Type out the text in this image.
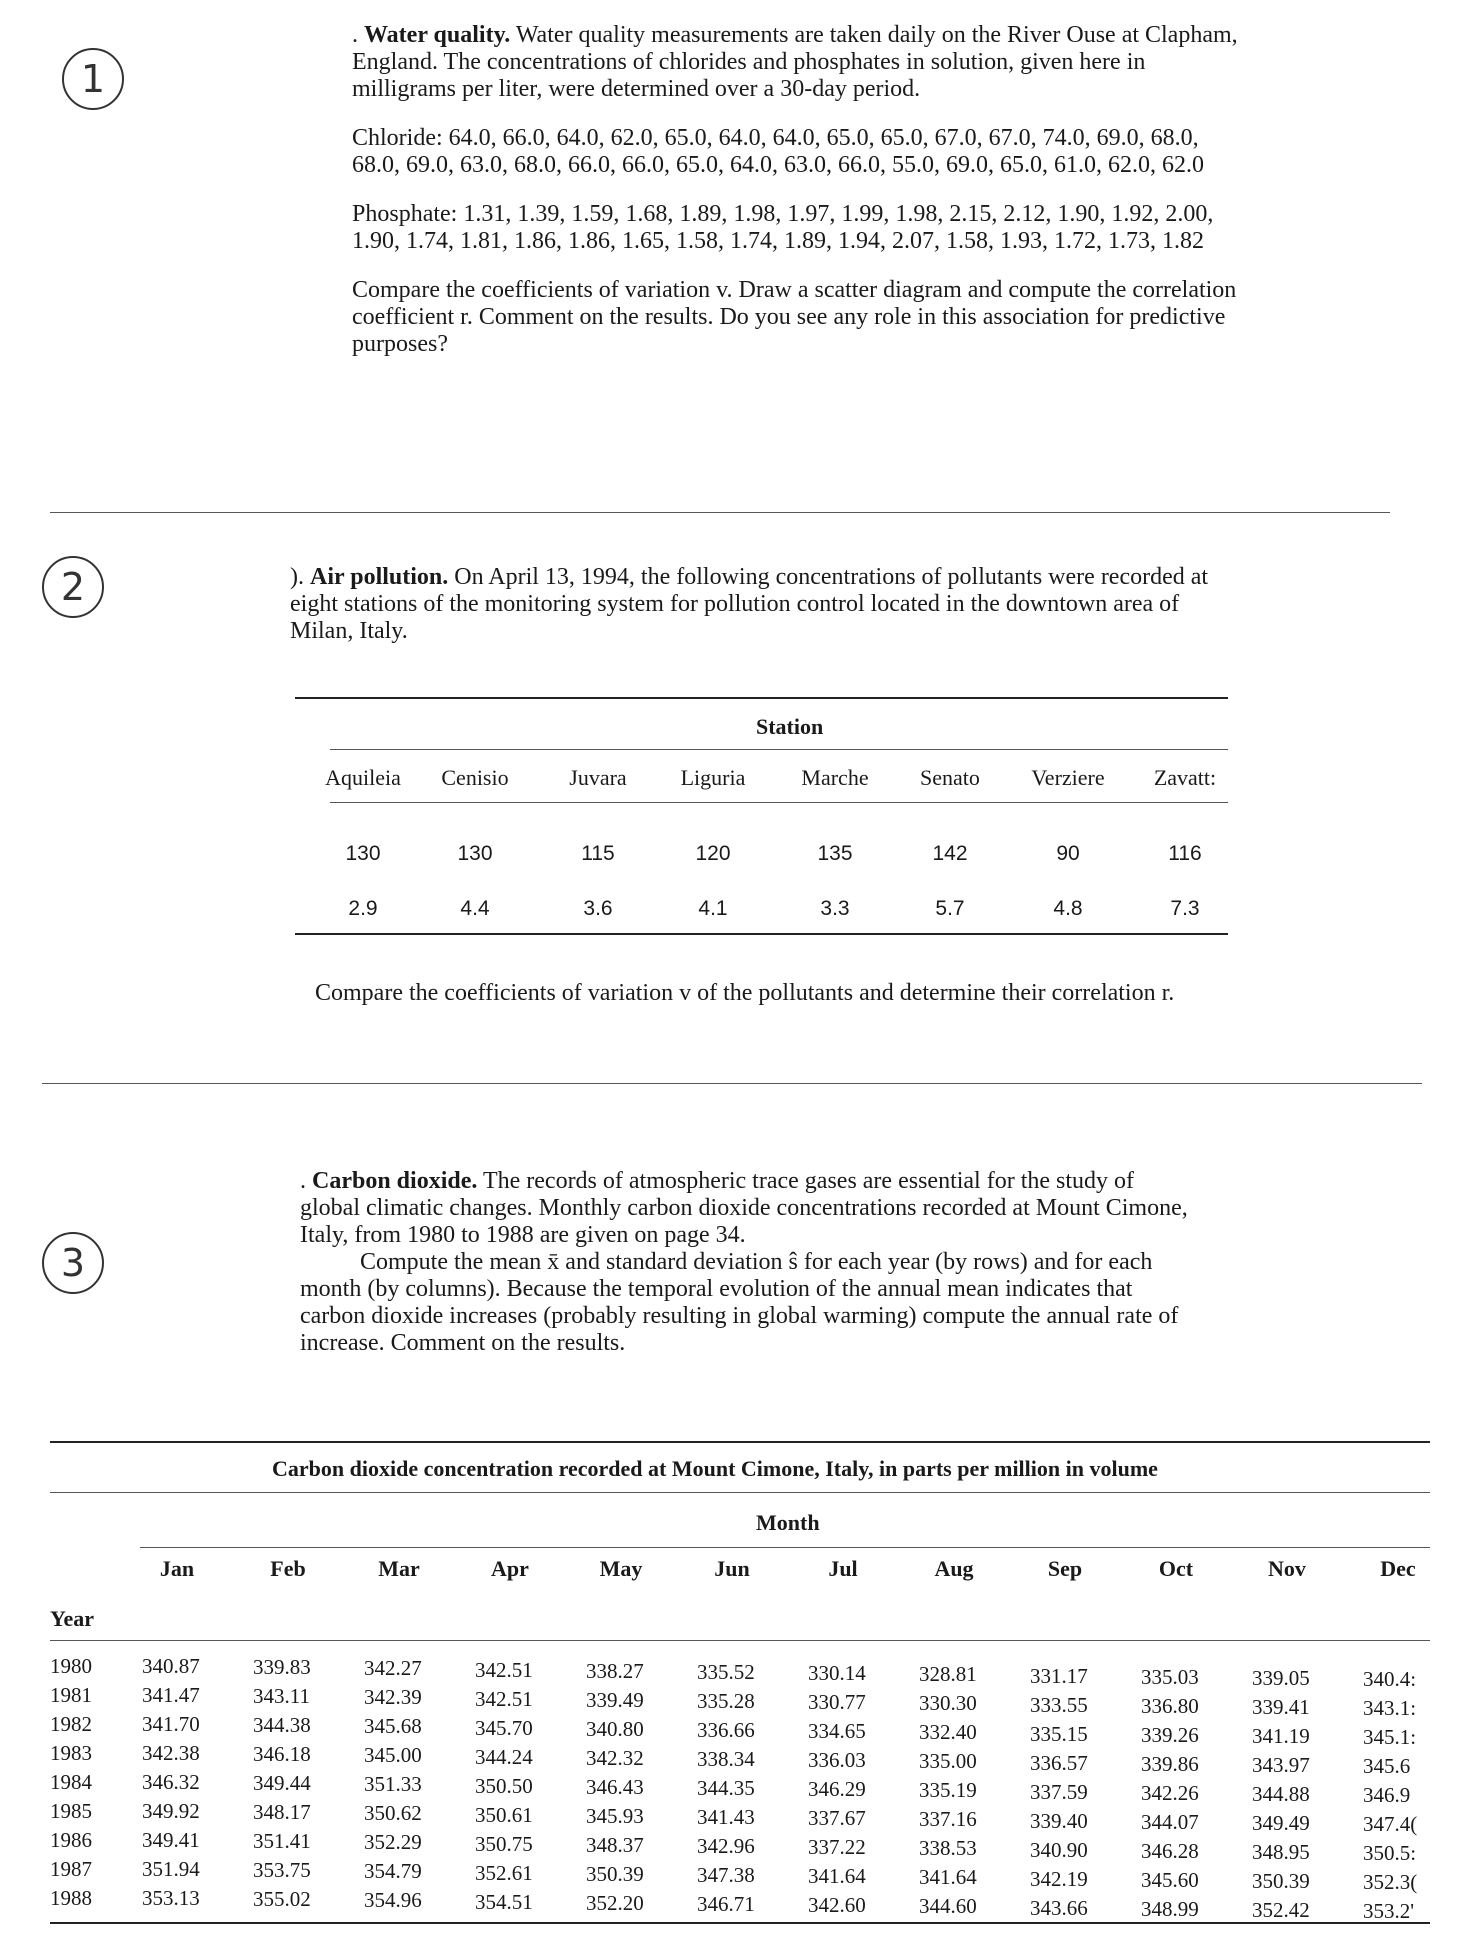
1
2
3

. Water quality. Water quality measurements are taken daily on the River Ouse at Clapham, England. The concentrations of chlorides and phosphates in solution, given here in milligrams per liter, were determined over a 30-day period.

Chloride: 64.0, 66.0, 64.0, 62.0, 65.0, 64.0, 64.0, 65.0, 65.0, 67.0, 67.0, 74.0, 69.0, 68.0, 68.0, 69.0, 63.0, 68.0, 66.0, 66.0, 65.0, 64.0, 63.0, 66.0, 55.0, 69.0, 65.0, 61.0, 62.0, 62.0

Phosphate: 1.31, 1.39, 1.59, 1.68, 1.89, 1.98, 1.97, 1.99, 1.98, 2.15, 2.12, 1.90, 1.92, 2.00, 1.90, 1.74, 1.81, 1.86, 1.86, 1.65, 1.58, 1.74, 1.89, 1.94, 2.07, 1.58, 1.93, 1.72, 1.73, 1.82

Compare the coefficients of variation v. Draw a scatter diagram and compute the correlation coefficient r. Comment on the results. Do you see any role in this association for predictive purposes?

). Air pollution. On April 13, 1994, the following concentrations of pollutants were recorded at eight stations of the monitoring system for pollution control located in the downtown area of Milan, Italy.

Station
Aquileia	Cenisio	Juvara	Liguria	Marche	Senato	Verziere	Zavatt:
130	130	115	120	135	142	90	116
2.9	4.4	3.6	4.1	3.3	5.7	4.8	7.3
Compare the coefficients of variation v of the pollutants and determine their correlation r.

. Carbon dioxide. The records of atmospheric trace gases are essential for the study of global climatic changes. Monthly carbon dioxide concentrations recorded at Mount Cimone, Italy, from 1980 to 1988 are given on page 34.

Compute the mean x̄ and standard deviation ŝ for each year (by rows) and for each month (by columns). Because the temporal evolution of the annual mean indicates that carbon dioxide increases (probably resulting in global warming) compute the annual rate of increase. Comment on the results.

Carbon dioxide concentration recorded at Mount Cimone, Italy, in parts per million in volume
Month
Jan	Feb	Mar	Apr	May	Jun	Jul	Aug	Sep	Oct	Nov	Dec
Year
1980 340.87	339.83	342.27	342.51	338.27	335.52	330.14	328.81	331.17	335.03	339.05	340.4:
1981 341.47	343.11	342.39	342.51	339.49	335.28	330.77	330.30	333.55	336.80	339.41	343.1:
1982 341.70	344.38	345.68	345.70	340.80	336.66	334.65	332.40	335.15	339.26	341.19	345.1:
1983 342.38	346.18	345.00	344.24	342.32	338.34	336.03	335.00	336.57	339.86	343.97	345.6
1984 346.32	349.44	351.33	350.50	346.43	344.35	346.29	335.19	337.59	342.26	344.88	346.9
1985 349.92	348.17	350.62	350.61	345.93	341.43	337.67	337.16	339.40	344.07	349.49	347.4(
1986 349.41	351.41	352.29	350.75	348.37	342.96	337.22	338.53	340.90	346.28	348.95	350.5:
1987 351.94	353.75	354.79	352.61	350.39	347.38	341.64	341.64	342.19	345.60	350.39	352.3(
1988 353.13	355.02	354.96	354.51	352.20	346.71	342.60	344.60	343.66	348.99	352.42	353.2'
